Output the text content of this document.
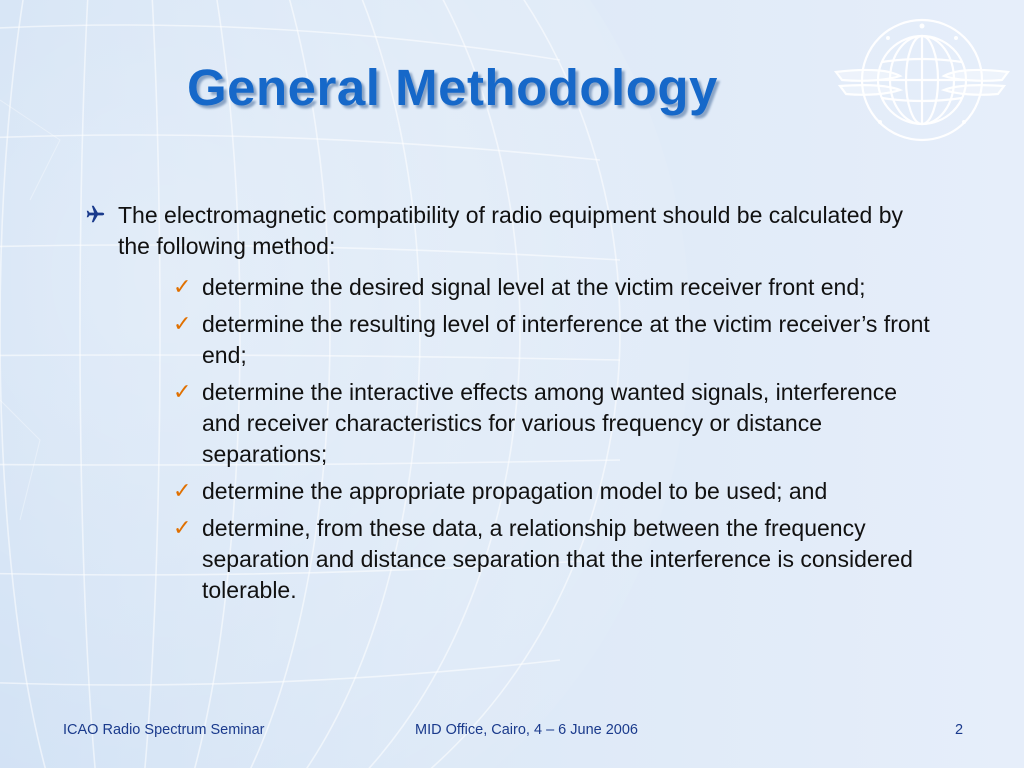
General Methodology
The electromagnetic compatibility of radio equipment should be calculated by the following method:
✓ determine the desired signal level at the victim receiver front end;
✓ determine the resulting level of interference at the victim receiver’s front end;
✓ determine the interactive effects among wanted signals, interference and receiver characteristics for various frequency or distance separations;
✓ determine the appropriate propagation model to be used; and
✓ determine, from these data, a relationship between the frequency separation and distance separation that the interference is considered tolerable.
ICAO Radio Spectrum Seminar	MID Office, Cairo, 4 – 6 June 2006	2
